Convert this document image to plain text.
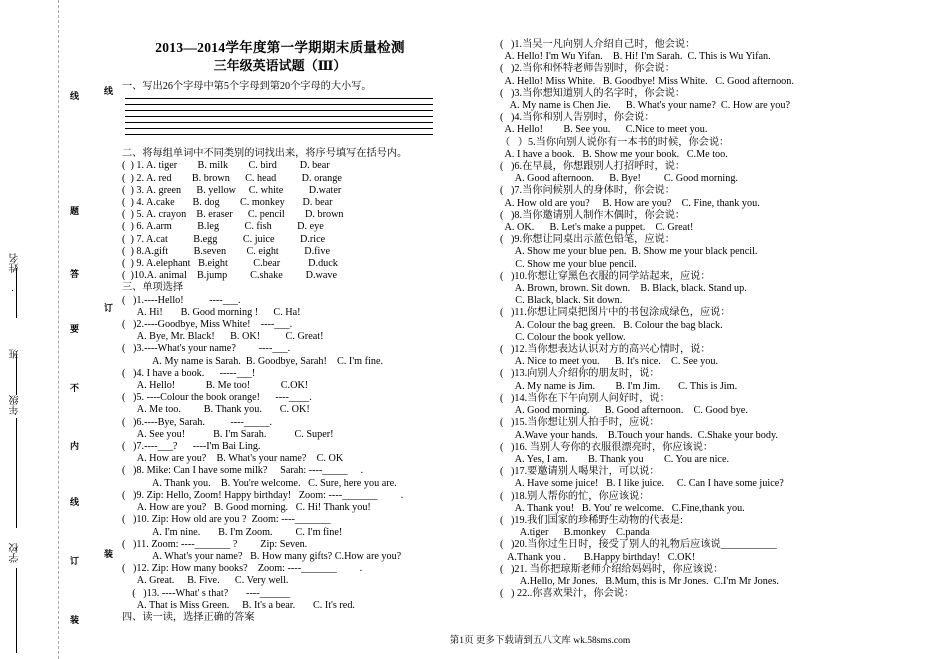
2013—2014学年度第一学期期末质量检测
三年级英语试题（Ⅲ）
线
题
答
要
不
内
线
订
装
线
订
装
姓名
年级
班
学校
一、写出26个字母中第5个字母到第20个字母的大小写。
二、将每组单词中不同类别的词找出来，将序号填写在括号内。
(  ) 1. A. tiger        B. milk        C. bird         D. bear
(  ) 2. A. red        B. brown      C. head          D. orange
(  ) 3. A. green      B. yellow     C. white          D.water
(  ) 4. A.cake       B. dog        C. monkey       D. bear
(  ) 5. A. crayon    B. eraser      C. pencil        D. brown
(  ) 6. A.arm          B.leg          C. fish          D. eye
(  ) 7. A.cat          B.egg          C. juice          D.rice
(  ) 8.A.gift          B.seven        C. eight          D.five
(  ) 9. A.elephant   B.eight          C.bear           D.duck
(  )10.A. animal    B.jump         C.shake         D.wave
三、单项选择
(   )1.----Hello!          ----___.
A. Hi!       B. Good morning !      C. Ha!
(   )2.----Goodbye, Miss White!    ----___.
A. Bye, Mr. Black!      B. OK!          C. Great!
(   )3.----What's your name?         ----___.
A. My name is Sarah.  B. Goodbye, Sarah!    C. I'm fine.
(   )4. I have a book.      -----___!
A. Hello!            B. Me too!            C.OK!
(   )5. ----Colour the book orange!      ----____.
A. Me too.         B. Thank you.       C. OK!
(   )6.----Bye, Sarah.          ----_____.
A. See you!           B. I'm Sarah.           C. Super!
(   )7.----___?      ----I'm Bai Ling.
A. How are you?    B. What's your name?    C. OK
(   )8. Mike: Can I have some milk?     Sarah: ----_____     .
A. Thank you.    B. You're welcome.   C. Sure, here you are.
(   )9. Zip: Hello, Zoom! Happy birthday!   Zoom: ----_______         .
A. How are you?   B. Good morning.   C. Hi! Thank you!
(   )10. Zip: How old are you ?  Zoom: ----_______
A. I'm nine.       B. I'm Zoom.         C. I'm fine!
(   )11. Zoom: ----_______ ?         Zip: Seven.
A. What's your name?   B. How many gifts? C.How are you?
(   )12. Zip: How many books?    Zoom: ----_______         .
A. Great.     B. Five.      C. Very well.
(   )13. ----What' s that?       ----______
A. That is Miss Green.     B. It's a bear.       C. It's red.
四、读一读，选择正确的答案
(   )1.当吴一凡向别人介绍自己时，他会说：
A. Hello! I'm Wu Yifan.    B. Hi! I'm Sarah.  C. This is Wu Yifan.
(   )2.当你和怀特老师告别时，你会说：
A. Hello! Miss White.   B. Goodbye! Miss White.   C. Good afternoon.
(   )3.当你想知道别人的名字时，你会说：
A. My name is Chen Jie.      B. What's your name?  C. How are you?
(   )4.当你和别人告别时，你会说：
A. Hello!        B. See you.      C.Nice to meet you.
（   ）5.当你向别人说你有一本书的时候，你会说：
A. I have a book.   B. Show me your book.   C.Me too.
(   )6.在早晨，你想跟别人打招呼时，说：
A. Good afternoon.      B. Bye!         C. Good morning.
(   )7.当你问候别人的身体时，你会说：
A. How old are you?     B. How are you?    C. Fine, thank you.
(   )8.当你邀请别人制作木偶时，你会说：
A. OK.      B. Let's make a puppet.    C. Great!
(   )9.你想让同桌出示蓝色铅笔，应说：
A. Show me your blue pen.  B. Show me your black pencil.
C. Show me your blue pencil.
(   )10.你想让穿黑色衣服的同学站起来，应说：
A. Brown, brown. Sit down.    B. Black, black. Stand up.
C. Black, black. Sit down.
(   )11.你想让同桌把图片中的书包涂成绿色，应说：
A. Colour the bag green.   B. Colour the bag black.
C. Colour the book yellow.
(   )12.当你想表达认识对方的高兴心情时，说：
A. Nice to meet you.      B. It's nice.    C. See you.
(   )13.向别人介绍你的朋友时，说：
A. My name is Jim.        B. I'm Jim.       C. This is Jim.
(   )14.当你在下午向别人问好时，说：
A. Good morning.      B. Good afternoon.    C. Good bye.
(   )15.当你想让别人拍手时，应说：
A.Wave your hands.    B.Touch your hands.  C.Shake your body.
(   )16. 当别人夸你的衣服很漂亮时，你应该说：
A. Yes, I am.        B. Thank you        C. You are nice.
(   )17.要邀请别人喝果汁，可以说：
A. Have some juice!   B. I like juice.     C. Can I have some juice?
(   )18.别人帮你的忙，你应该说：
A. Thank you!   B. You' re welcome.   C.Fine,thank you.
(   )19.我们国家的珍稀野生动物的代表是:
A.tiger      B.monkey    C.panda
(   )20.当你过生日时，接受了别人的礼物后应该说___________
A.Thank you .       B.Happy birthday!   C.OK!
(   )21. 当你把琼斯老师介绍给妈妈时，你应该说：
A.Hello, Mr Jones.   B.Mum, this is Mr Jones.  C.I'm Mr Jones.
(   ) 22..你喜欢果汁，你会说：
第1页 更多下载请到五八文库 wk.58sms.com
